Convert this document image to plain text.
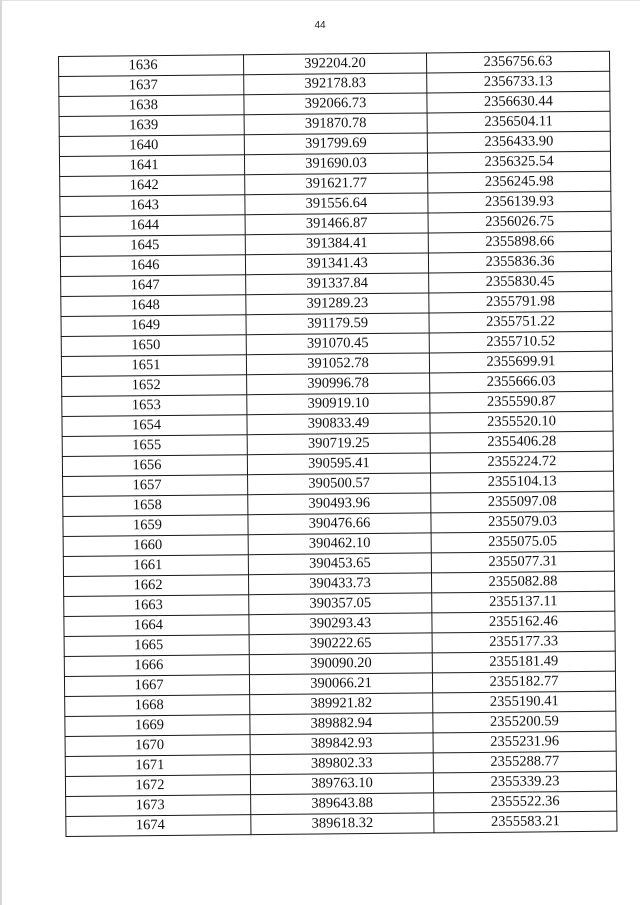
44
1636	392204.20	2356756.63
1637	392178.83	2356733.13
1638	392066.73	2356630.44
1639	391870.78	2356504.11
1640	391799.69	2356433.90
1641	391690.03	2356325.54
1642	391621.77	2356245.98
1643	391556.64	2356139.93
1644	391466.87	2356026.75
1645	391384.41	2355898.66
1646	391341.43	2355836.36
1647	391337.84	2355830.45
1648	391289.23	2355791.98
1649	391179.59	2355751.22
1650	391070.45	2355710.52
1651	391052.78	2355699.91
1652	390996.78	2355666.03
1653	390919.10	2355590.87
1654	390833.49	2355520.10
1655	390719.25	2355406.28
1656	390595.41	2355224.72
1657	390500.57	2355104.13
1658	390493.96	2355097.08
1659	390476.66	2355079.03
1660	390462.10	2355075.05
1661	390453.65	2355077.31
1662	390433.73	2355082.88
1663	390357.05	2355137.11
1664	390293.43	2355162.46
1665	390222.65	2355177.33
1666	390090.20	2355181.49
1667	390066.21	2355182.77
1668	389921.82	2355190.41
1669	389882.94	2355200.59
1670	389842.93	2355231.96
1671	389802.33	2355288.77
1672	389763.10	2355339.23
1673	389643.88	2355522.36
1674	389618.32	2355583.21
